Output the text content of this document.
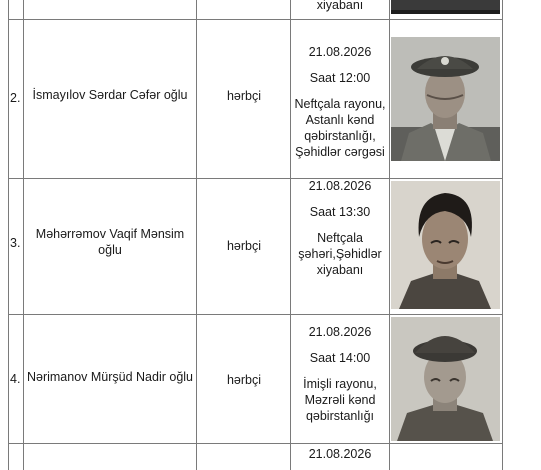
xiyabanı
2. İsmayılov Sərdar Cəfər oğlu	hərbçi
21.08.2026
Saat 12:00
Neftçala rayonu,
Astanlı kənd
qəbirstanlığı,
Şəhidlər cərgəsi
3.
Məhərrəmov Vaqif Mənsim oğlu	hərbçi
21.08.2026
Saat 13:30
Neftçala
şəhəri,Şəhidlər
xiyabanı
4. Nərimanov Mürşüd Nadir oğlu	hərbçi
21.08.2026
Saat 14:00
İmişli rayonu,
Məzrəli kənd
qəbirstanlığı
21.08.2026
